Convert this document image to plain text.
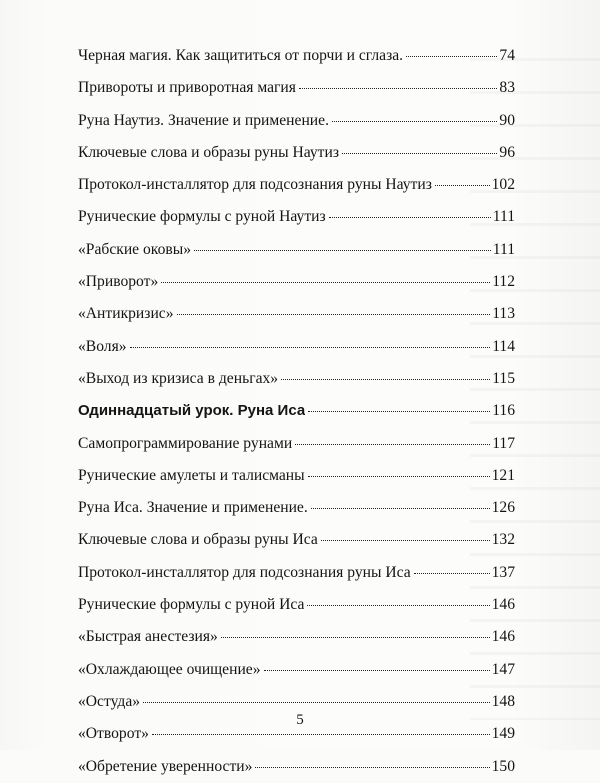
Черная магия. Как защититься от порчи и сглаза.	74
Привороты и приворотная магия	83
Руна Наутиз. Значение и применение.	90
Ключевые слова и образы руны Наутиз	96
Протокол-инсталлятор для подсознания руны Наутиз	102
Рунические формулы с руной Наутиз	111
«Рабские оковы»	111
«Приворот»	112
«Антикризис»	113
«Воля»	114
«Выход из кризиса в деньгах»	115
Одиннадцатый урок. Руна Иса	116
Самопрограммирование рунами	117
Рунические амулеты и талисманы	121
Руна Иса. Значение и применение.	126
Ключевые слова и образы руны Иса	132
Протокол-инсталлятор для подсознания руны Иса	137
Рунические формулы с руной Иса	146
«Быстрая анестезия»	146
«Охлаждающее очищение»	147
«Остуда»	148
«Отворот»	149
«Обретение уверенности»	150
5
